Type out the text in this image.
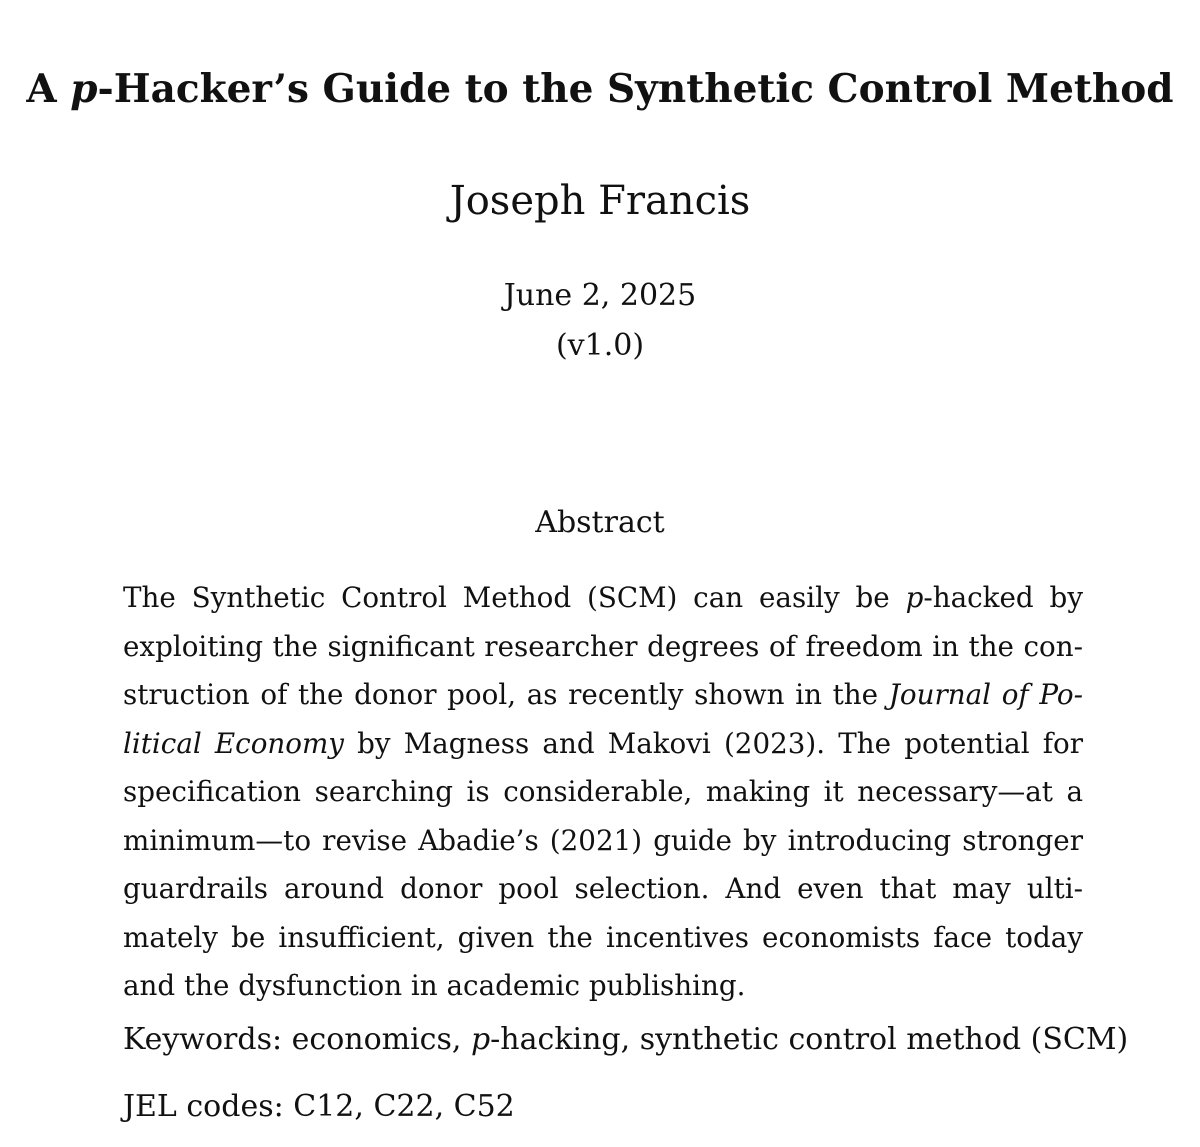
A p-Hacker’s Guide to the Synthetic Control Method
Joseph Francis
June 2, 2025
(v1.0)
Abstract
The Synthetic Control Method (SCM) can easily be p-hacked by
exploiting the significant researcher degrees of freedom in the con-
struction of the donor pool, as recently shown in the Journal of Po-
litical Economy by Magness and Makovi (2023). The potential for
specification searching is considerable, making it necessary—at a
minimum—to revise Abadie’s (2021) guide by introducing stronger
guardrails around donor pool selection. And even that may ulti-
mately be insufficient, given the incentives economists face today
and the dysfunction in academic publishing.
Keywords: economics, p-hacking, synthetic control method (SCM)
JEL codes: C12, C22, C52
